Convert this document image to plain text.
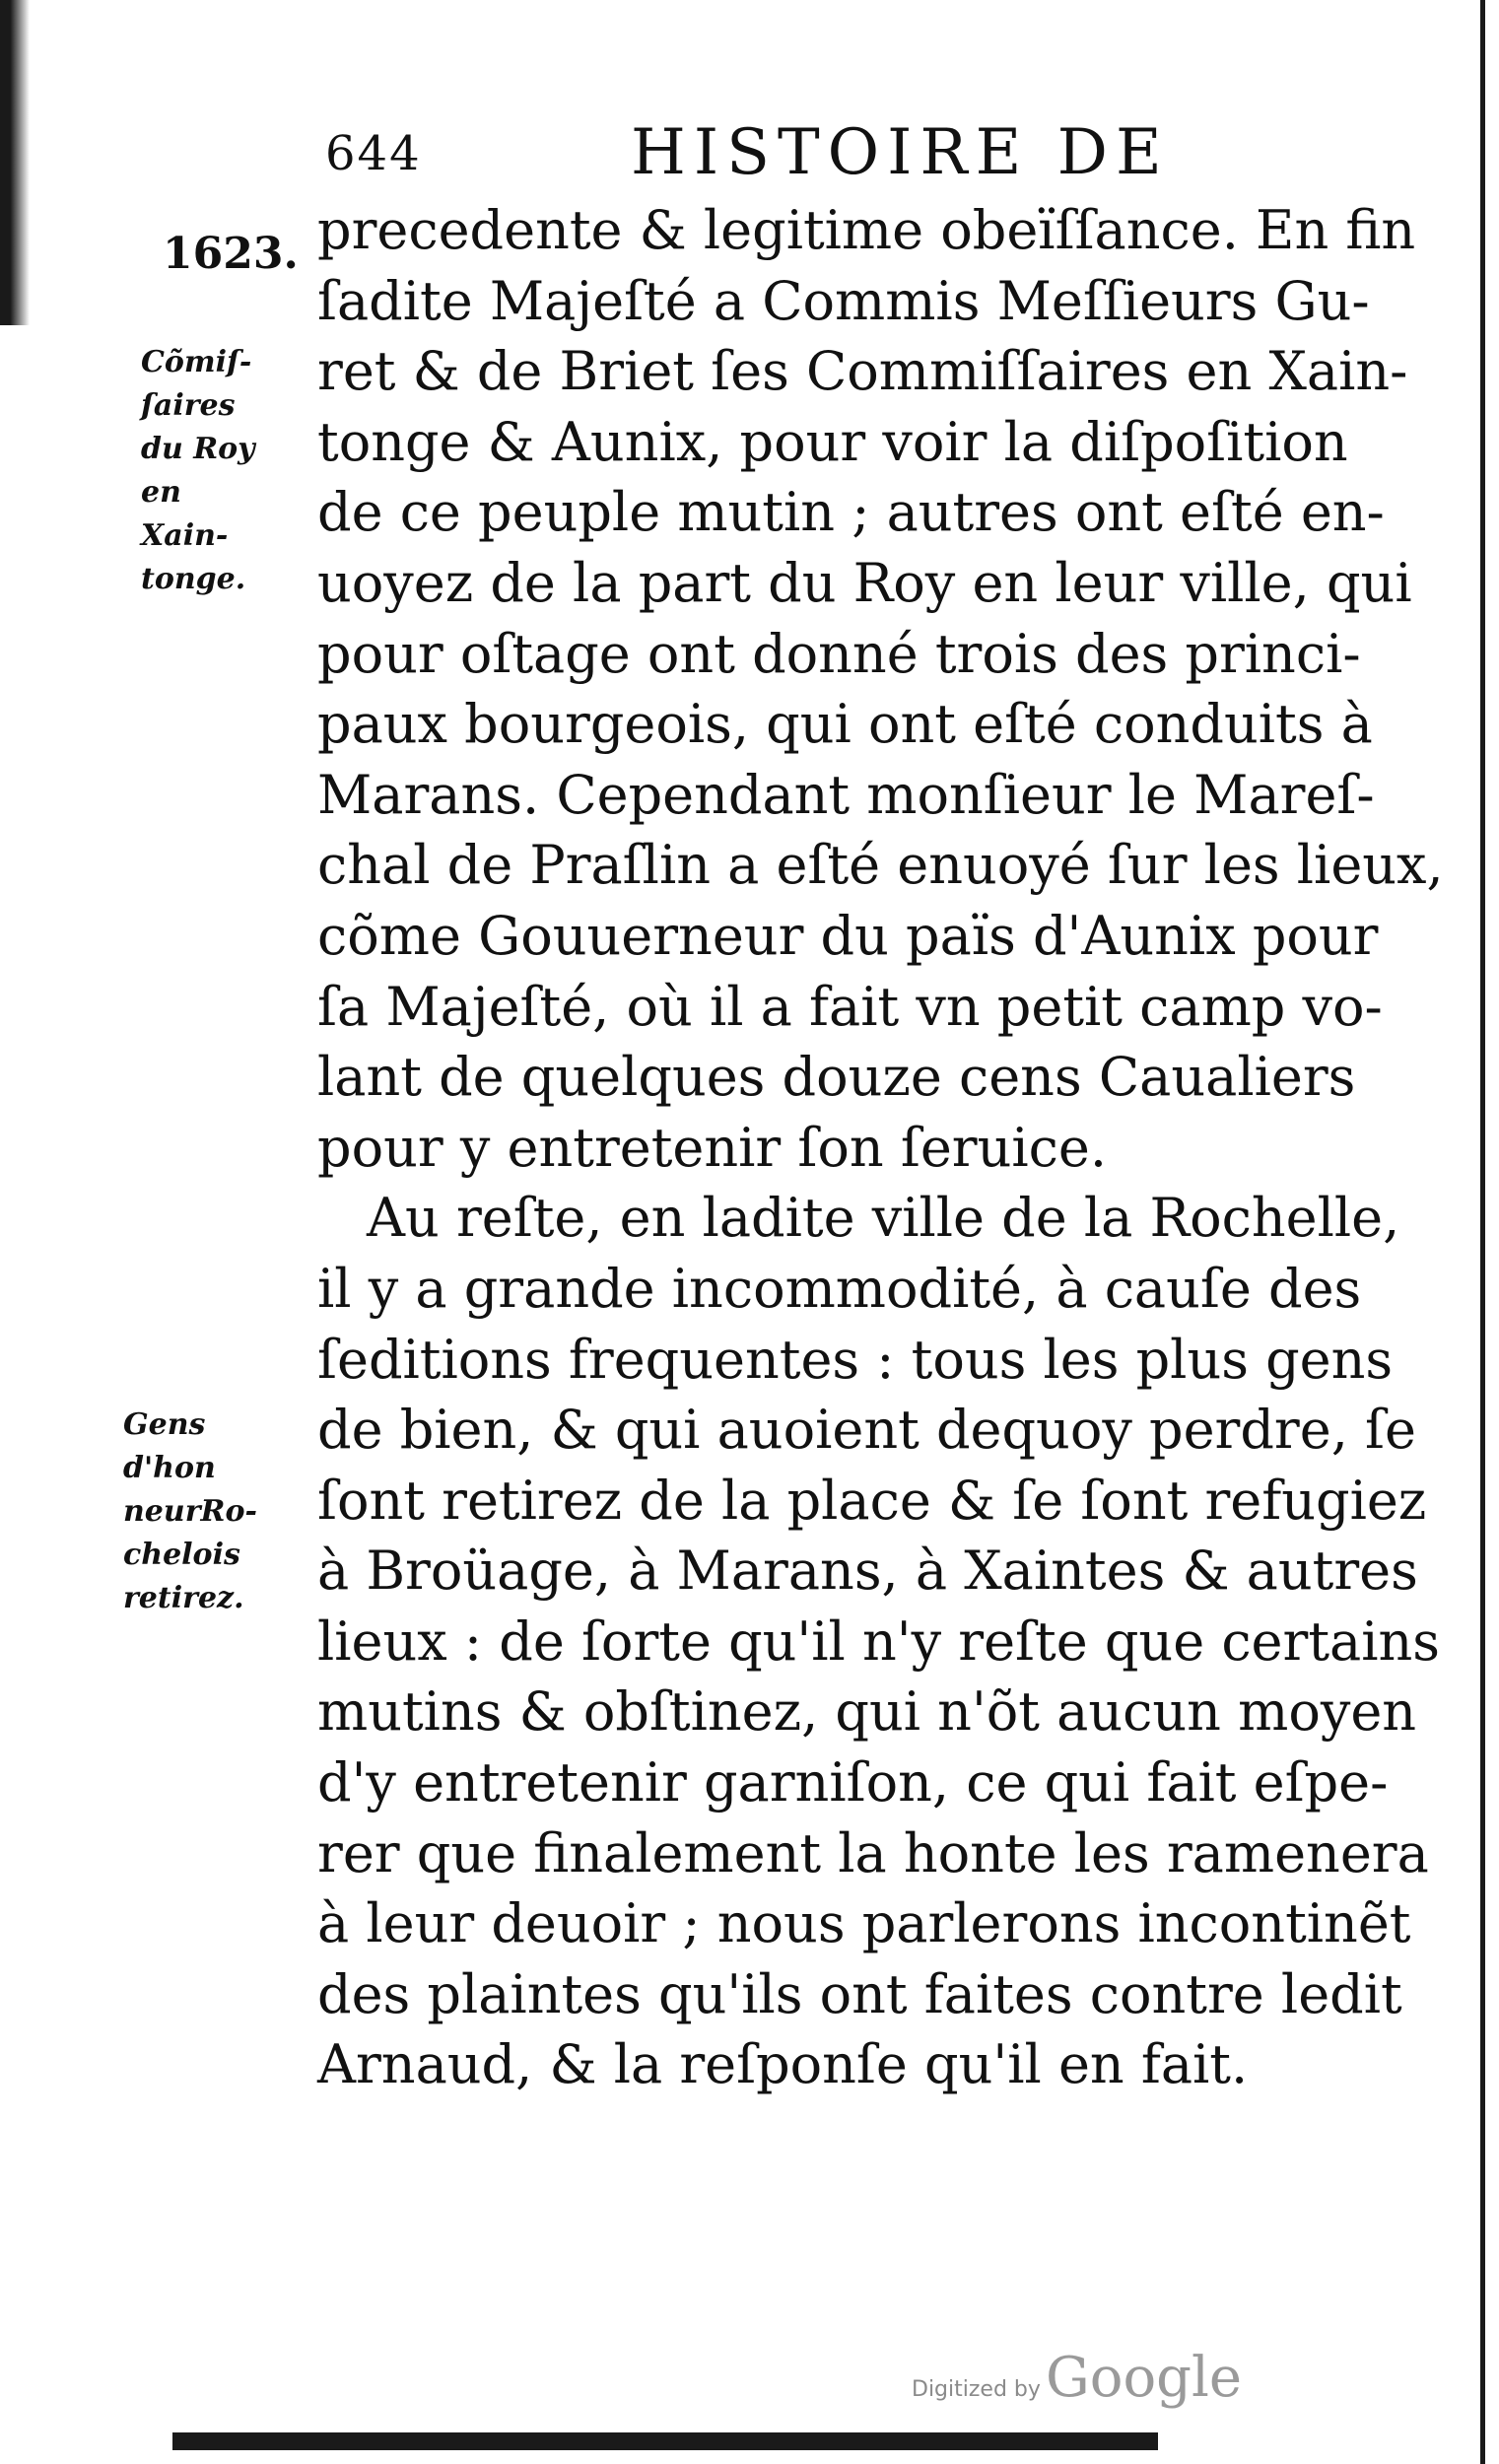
644	HISTOIRE DE
1623.
Cõmiſ-
ſaires
du Roy
en
Xain-
tonge.
Gens
d'hon
neurRo-
chelois
retirez.
precedente & legitime obeïſſance. En fin
ſadite Majeſté a Commis Meſſieurs Gu-
ret & de Briet ſes Commiſſaires en Xain-
tonge & Aunix, pour voir la diſpoſition
de ce peuple mutin ; autres ont eſté en-
uoyez de la part du Roy en leur ville, qui
pour oſtage ont donné trois des princi-
paux bourgeois, qui ont eſté conduits à
Marans. Cependant monſieur le Mareſ-
chal de Praſlin a eſté enuoyé ſur les lieux,
cõme Gouuerneur du païs d'Aunix pour
ſa Majeſté, où il a fait vn petit camp vo-
lant de quelques douze cens Caualiers
pour y entretenir ſon ſeruice.
Au reſte, en ladite ville de la Rochelle,
il y a grande incommodité, à cauſe des
ſeditions frequentes : tous les plus gens
de bien, & qui auoient dequoy perdre, ſe
ſont retirez de la place & ſe ſont refugiez
à Broüage, à Marans, à Xaintes & autres
lieux : de ſorte qu'il n'y reſte que certains
mutins & obſtinez, qui n'õt aucun moyen
d'y entretenir garniſon, ce qui fait eſpe-
rer que finalement la honte les ramenera
à leur deuoir ; nous parlerons incontinẽt
des plaintes qu'ils ont faites contre ledit
Arnaud, & la reſponſe qu'il en fait.
Digitized by Google
